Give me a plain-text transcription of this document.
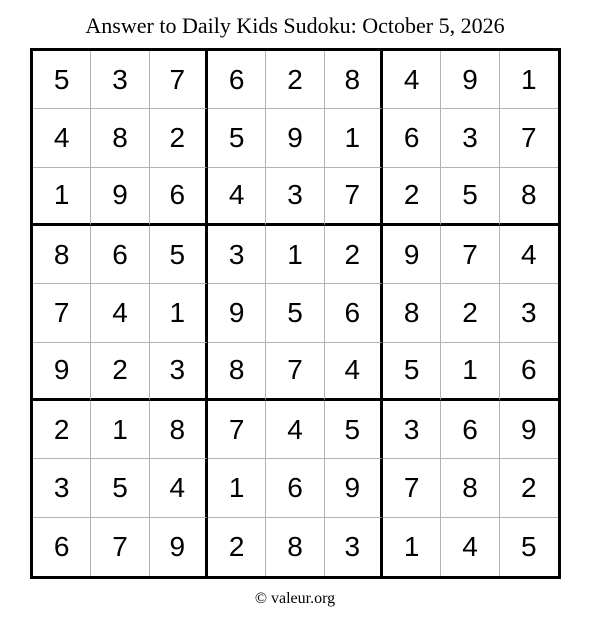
Answer to Daily Kids Sudoku: October 5, 2026
5	3	7	6	2	8	4	9	1
4	8	2	5	9	1	6	3	7
1	9	6	4	3	7	2	5	8
8	6	5	3	1	2	9	7	4
7	4	1	9	5	6	8	2	3
9	2	3	8	7	4	5	1	6
2	1	8	7	4	5	3	6	9
3	5	4	1	6	9	7	8	2
6	7	9	2	8	3	1	4	5
© valeur.org
